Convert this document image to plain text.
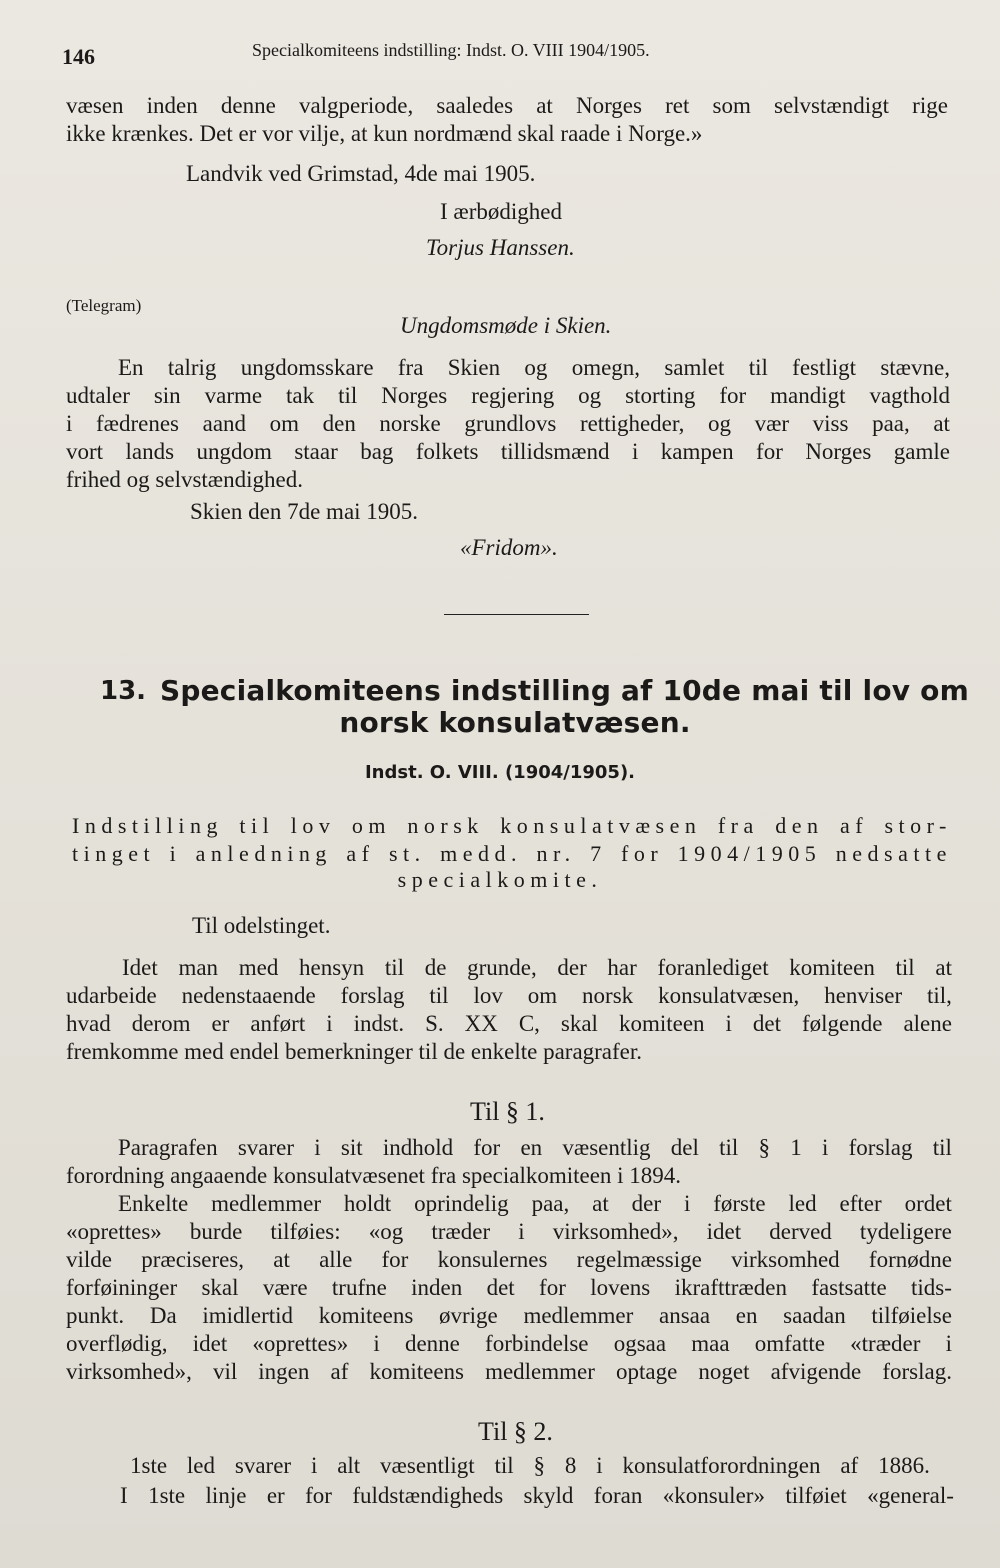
146	Specialkomiteens indstilling: Indst. O. VIII 1904/1905.
væsen inden denne valgperiode, saaledes at Norges ret som selvstændigt rige
ikke krænkes. Det er vor vilje, at kun nordmænd skal raade i Norge.»
Landvik ved Grimstad, 4de mai 1905.
I ærbødighed
Torjus Hanssen.
(Telegram)
Ungdomsmøde i Skien.
En talrig ungdomsskare fra Skien og omegn, samlet til festligt stævne,
udtaler sin varme tak til Norges regjering og storting for mandigt vagthold
i fædrenes aand om den norske grundlovs rettigheder, og vær viss paa, at
vort lands ungdom staar bag folkets tillidsmænd i kampen for Norges gamle
frihed og selvstændighed.
Skien den 7de mai 1905.
«Fridom».
13. Specialkomiteens indstilling af 10de mai til lov om
norsk konsulatvæsen.
Indst. O. VIII. (1904/1905).
Indstilling til lov om norsk konsulatvæsen fra den af stor-
tinget i anledning af st. medd. nr. 7 for 1904/1905 nedsatte
specialkomite.
Til odelstinget.
Idet man med hensyn til de grunde, der har foranlediget komiteen til at
udarbeide nedenstaaende forslag til lov om norsk konsulatvæsen, henviser til,
hvad derom er anført i indst. S. XX C, skal komiteen i det følgende alene
fremkomme med endel bemerkninger til de enkelte paragrafer.
Til § 1.
Paragrafen svarer i sit indhold for en væsentlig del til § 1 i forslag til
forordning angaaende konsulatvæsenet fra specialkomiteen i 1894.
Enkelte medlemmer holdt oprindelig paa, at der i første led efter ordet
«oprettes» burde tilføies: «og træder i virksomhed», idet derved tydeligere
vilde præciseres, at alle for konsulernes regelmæssige virksomhed fornødne
forføininger skal være trufne inden det for lovens ikrafttræden fastsatte tids-
punkt. Da imidlertid komiteens øvrige medlemmer ansaa en saadan tilføielse
overflødig, idet «oprettes» i denne forbindelse ogsaa maa omfatte «træder i
virksomhed», vil ingen af komiteens medlemmer optage noget afvigende forslag.
Til § 2.
1ste led svarer i alt væsentligt til § 8 i konsulatforordningen af 1886.
I 1ste linje er for fuldstændigheds skyld foran «konsuler» tilføiet «general-
